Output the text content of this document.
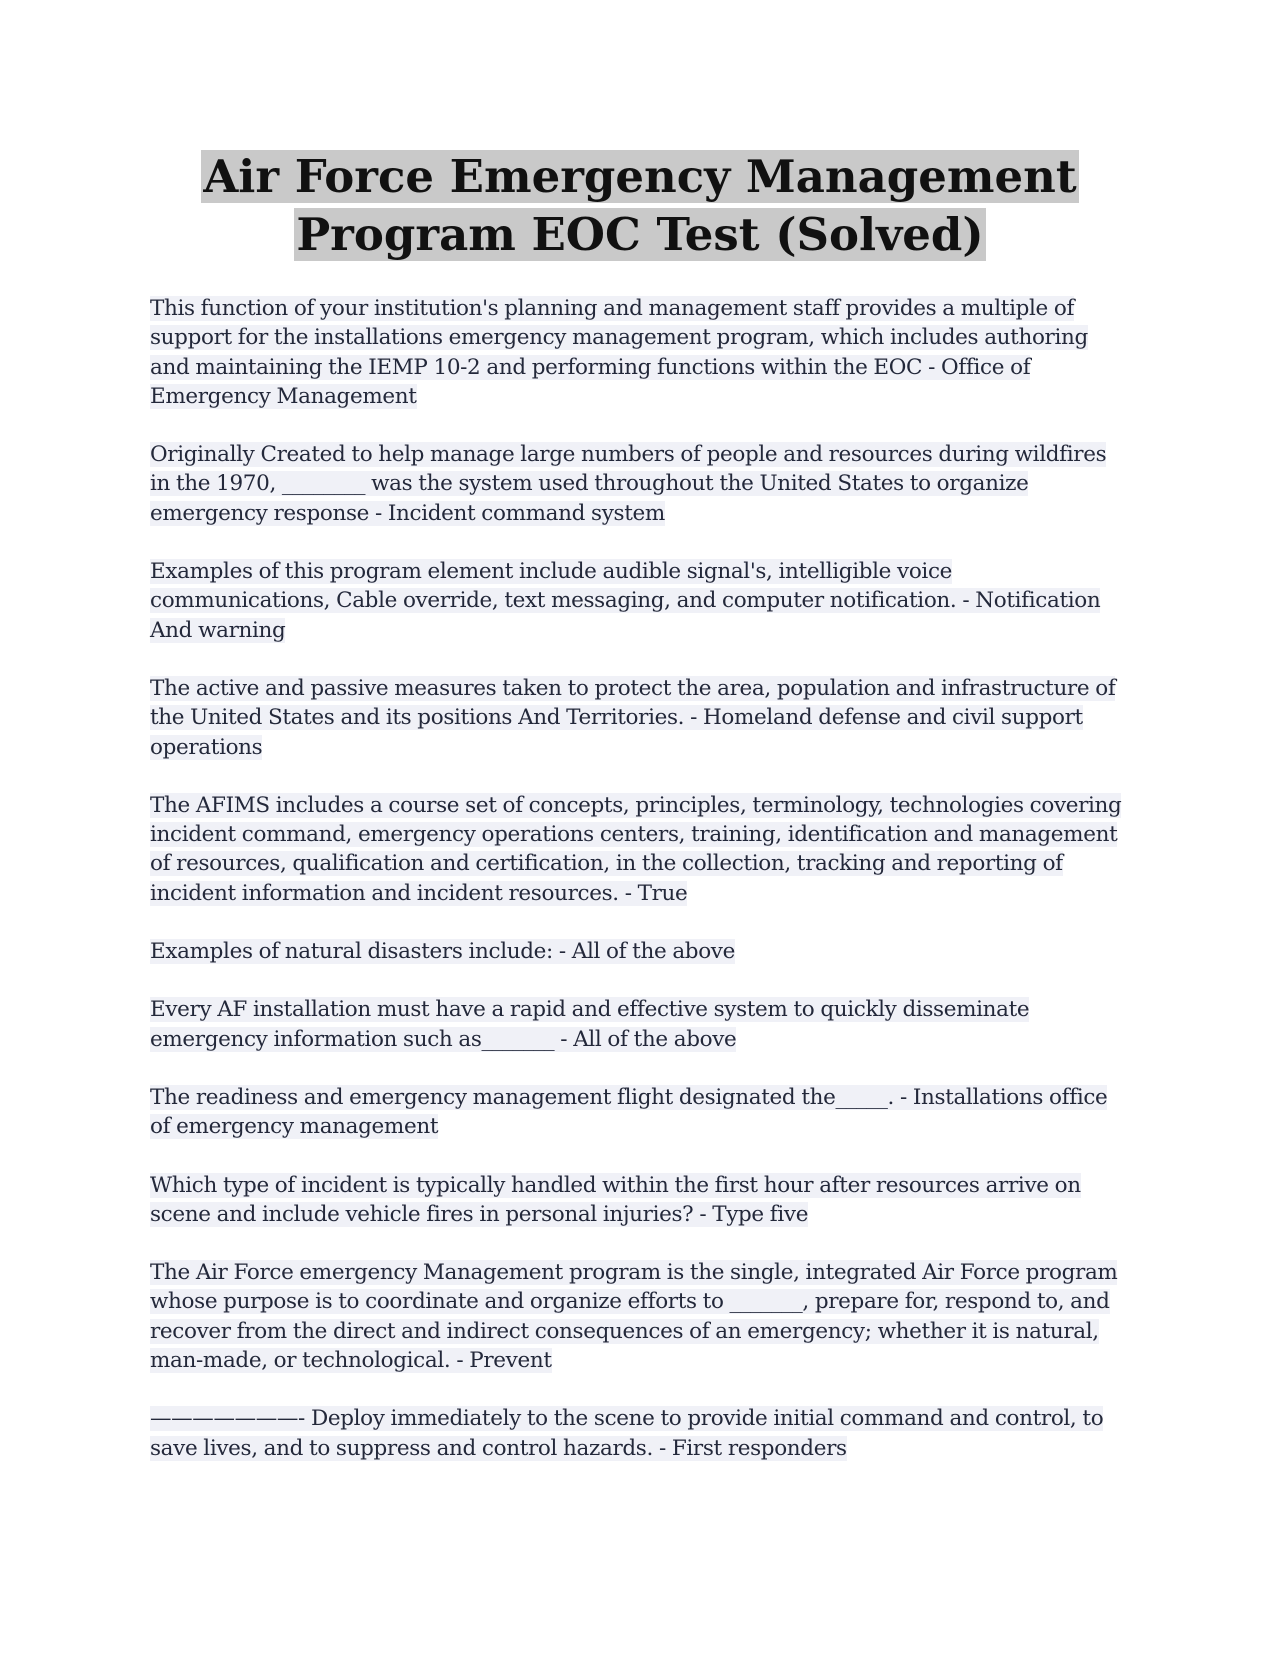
Air Force Emergency Management
Program EOC Test (Solved)

This function of your institution's planning and management staff provides a multiple of support for the installations emergency management program, which includes authoring and maintaining the IEMP 10-2 and performing functions within the EOC - Office of Emergency Management

Originally Created to help manage large numbers of people and resources during wildfires in the 1970, ________ was the system used throughout the United States to organize emergency response - Incident command system

Examples of this program element include audible signal's, intelligible voice communications, Cable override, text messaging, and computer notification. - Notification And warning

The active and passive measures taken to protect the area, population and infrastructure of the United States and its positions And Territories. - Homeland defense and civil support operations

The AFIMS includes a course set of concepts, principles, terminology, technologies covering incident command, emergency operations centers, training, identification and management of resources, qualification and certification, in the collection, tracking and reporting of incident information and incident resources. - True

Examples of natural disasters include: - All of the above

Every AF installation must have a rapid and effective system to quickly disseminate emergency information such as_______ - All of the above

The readiness and emergency management flight designated the_____. - Installations office of emergency management

Which type of incident is typically handled within the first hour after resources arrive on scene and include vehicle fires in personal injuries? - Type five

The Air Force emergency Management program is the single, integrated Air Force program whose purpose is to coordinate and organize efforts to _______, prepare for, respond to, and recover from the direct and indirect consequences of an emergency; whether it is natural, man-made, or technological. - Prevent

———————- Deploy immediately to the scene to provide initial command and control, to save lives, and to suppress and control hazards. - First responders
